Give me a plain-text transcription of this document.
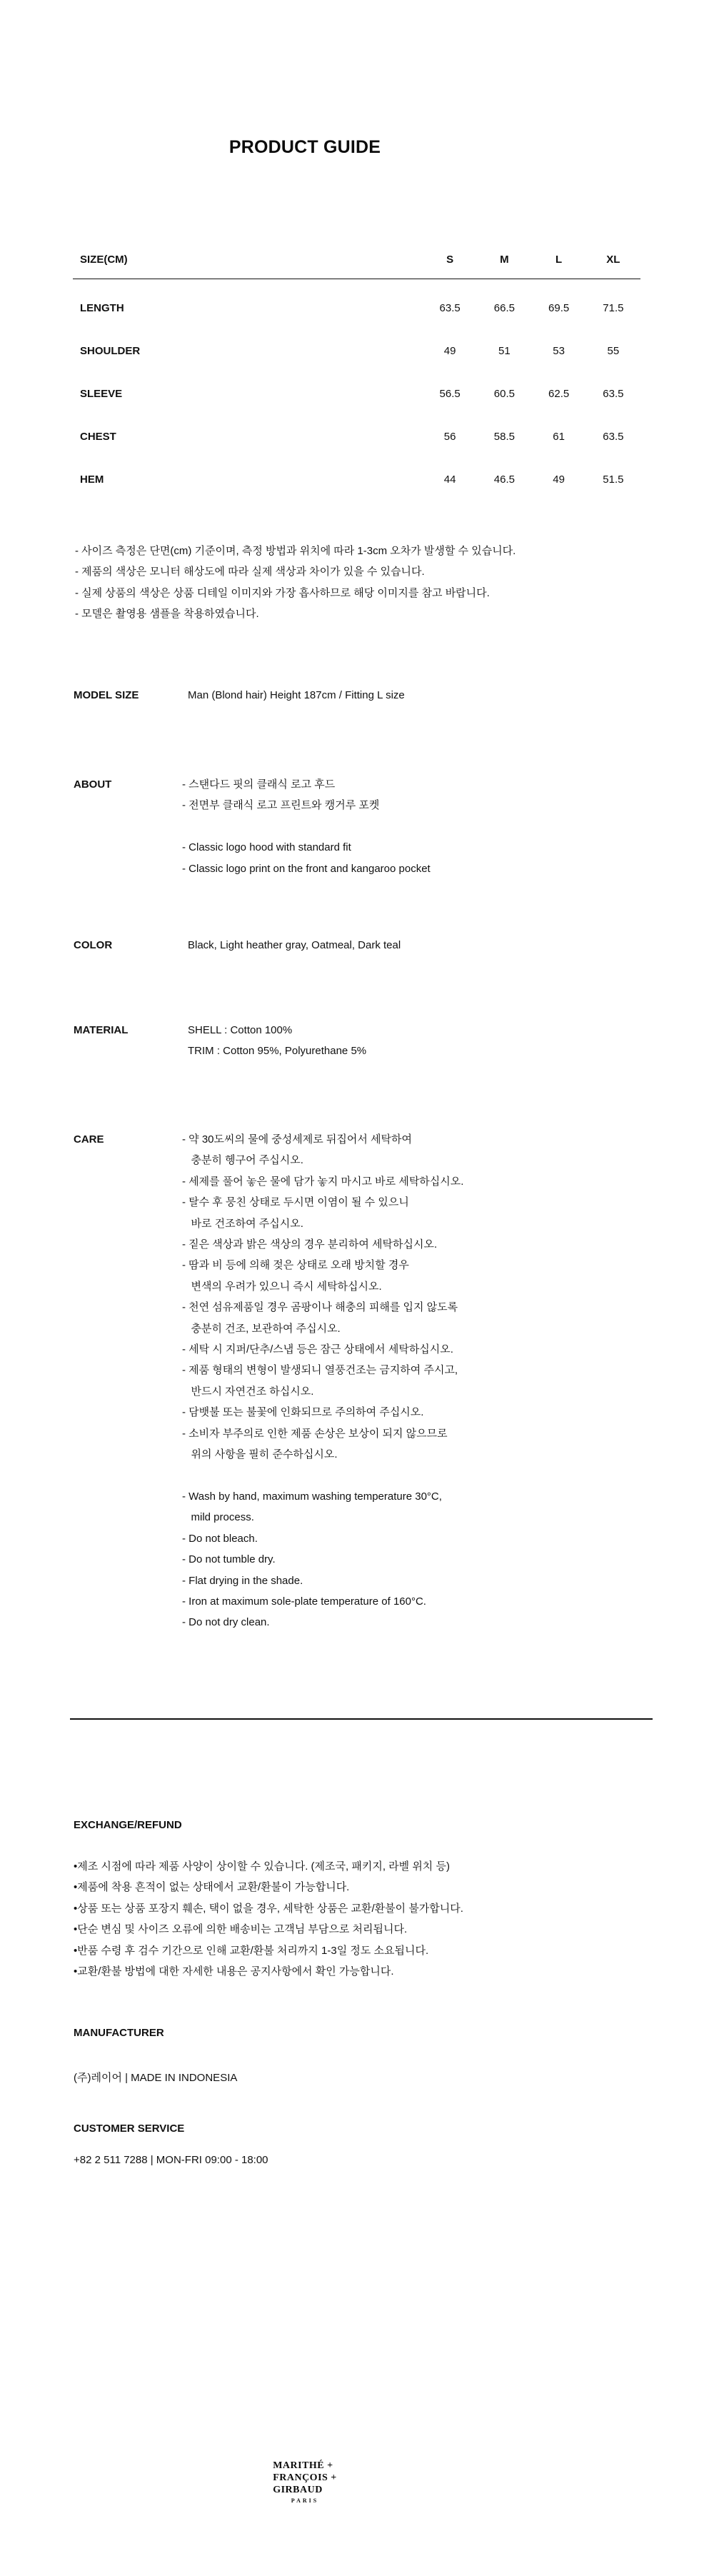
PRODUCT GUIDE
SIZE(CM)	S	M	L	XL
LENGTH	63.5	66.5	69.5	71.5
SHOULDER	49	51	53	55
SLEEVE	56.5	60.5	62.5	63.5
CHEST	56	58.5	61	63.5
HEM	44	46.5	49	51.5
- 사이즈 측정은 단면(cm) 기준이며, 측정 방법과 위치에 따라 1-3cm 오차가 발생할 수 있습니다.
- 제품의 색상은 모니터 해상도에 따라 실제 색상과 차이가 있을 수 있습니다.
- 실제 상품의 색상은 상품 디테일 이미지와 가장 흡사하므로 해당 이미지를 참고 바랍니다.
- 모델은 촬영용 샘플을 착용하였습니다.
MODEL SIZE	Man (Blond hair) Height 187cm / Fitting L size
ABOUT	- 스탠다드 핏의 클래식 로고 후드
- 전면부 클래식 로고 프린트와 캥거루 포켓
- Classic logo hood with standard fit
- Classic logo print on the front and kangaroo pocket
COLOR	Black, Light heather gray, Oatmeal, Dark teal
MATERIAL	SHELL : Cotton 100%
TRIM : Cotton 95%, Polyurethane 5%
CARE	- 약 30도씨의 물에 중성세제로 뒤집어서 세탁하여
충분히 헹구어 주십시오.
- 세제를 풀어 놓은 물에 담가 놓지 마시고 바로 세탁하십시오.
- 탈수 후 뭉친 상태로 두시면 이염이 될 수 있으니
바로 건조하여 주십시오.
- 짙은 색상과 밝은 색상의 경우 분리하여 세탁하십시오.
- 땀과 비 등에 의해 젖은 상태로 오래 방치할 경우
변색의 우려가 있으니 즉시 세탁하십시오.
- 천연 섬유제품일 경우 곰팡이나 해충의 피해를 입지 않도록
충분히 건조, 보관하여 주십시오.
- 세탁 시 지퍼/단추/스냅 등은 잠근 상태에서 세탁하십시오.
- 제품 형태의 변형이 발생되니 열풍건조는 금지하여 주시고,
반드시 자연건조 하십시오.
- 담뱃불 또는 불꽃에 인화되므로 주의하여 주십시오.
- 소비자 부주의로 인한 제품 손상은 보상이 되지 않으므로
위의 사항을 필히 준수하십시오.
- Wash by hand, maximum washing temperature 30°C,
mild process.
- Do not bleach.
- Do not tumble dry.
- Flat drying in the shade.
- Iron at maximum sole-plate temperature of 160°C.
- Do not dry clean.
EXCHANGE/REFUND
•제조 시점에 따라 제품 사양이 상이할 수 있습니다. (제조국, 패키지, 라벨 위치 등)
•제품에 착용 흔적이 없는 상태에서 교환/환불이 가능합니다.
•상품 또는 상품 포장지 훼손, 택이 없을 경우, 세탁한 상품은 교환/환불이 불가합니다.
•단순 변심 및 사이즈 오류에 의한 배송비는 고객님 부담으로 처리됩니다.
•반품 수령 후 검수 기간으로 인해 교환/환불 처리까지 1-3일 정도 소요됩니다.
•교환/환불 방법에 대한 자세한 내용은 공지사항에서 확인 가능합니다.
MANUFACTURER
(주)레이어 | MADE IN INDONESIA
CUSTOMER SERVICE
+82 2 511 7288 | MON-FRI 09:00 - 18:00
MARITHÉ +
FRANÇOIS +
GIRBAUD
PARIS
